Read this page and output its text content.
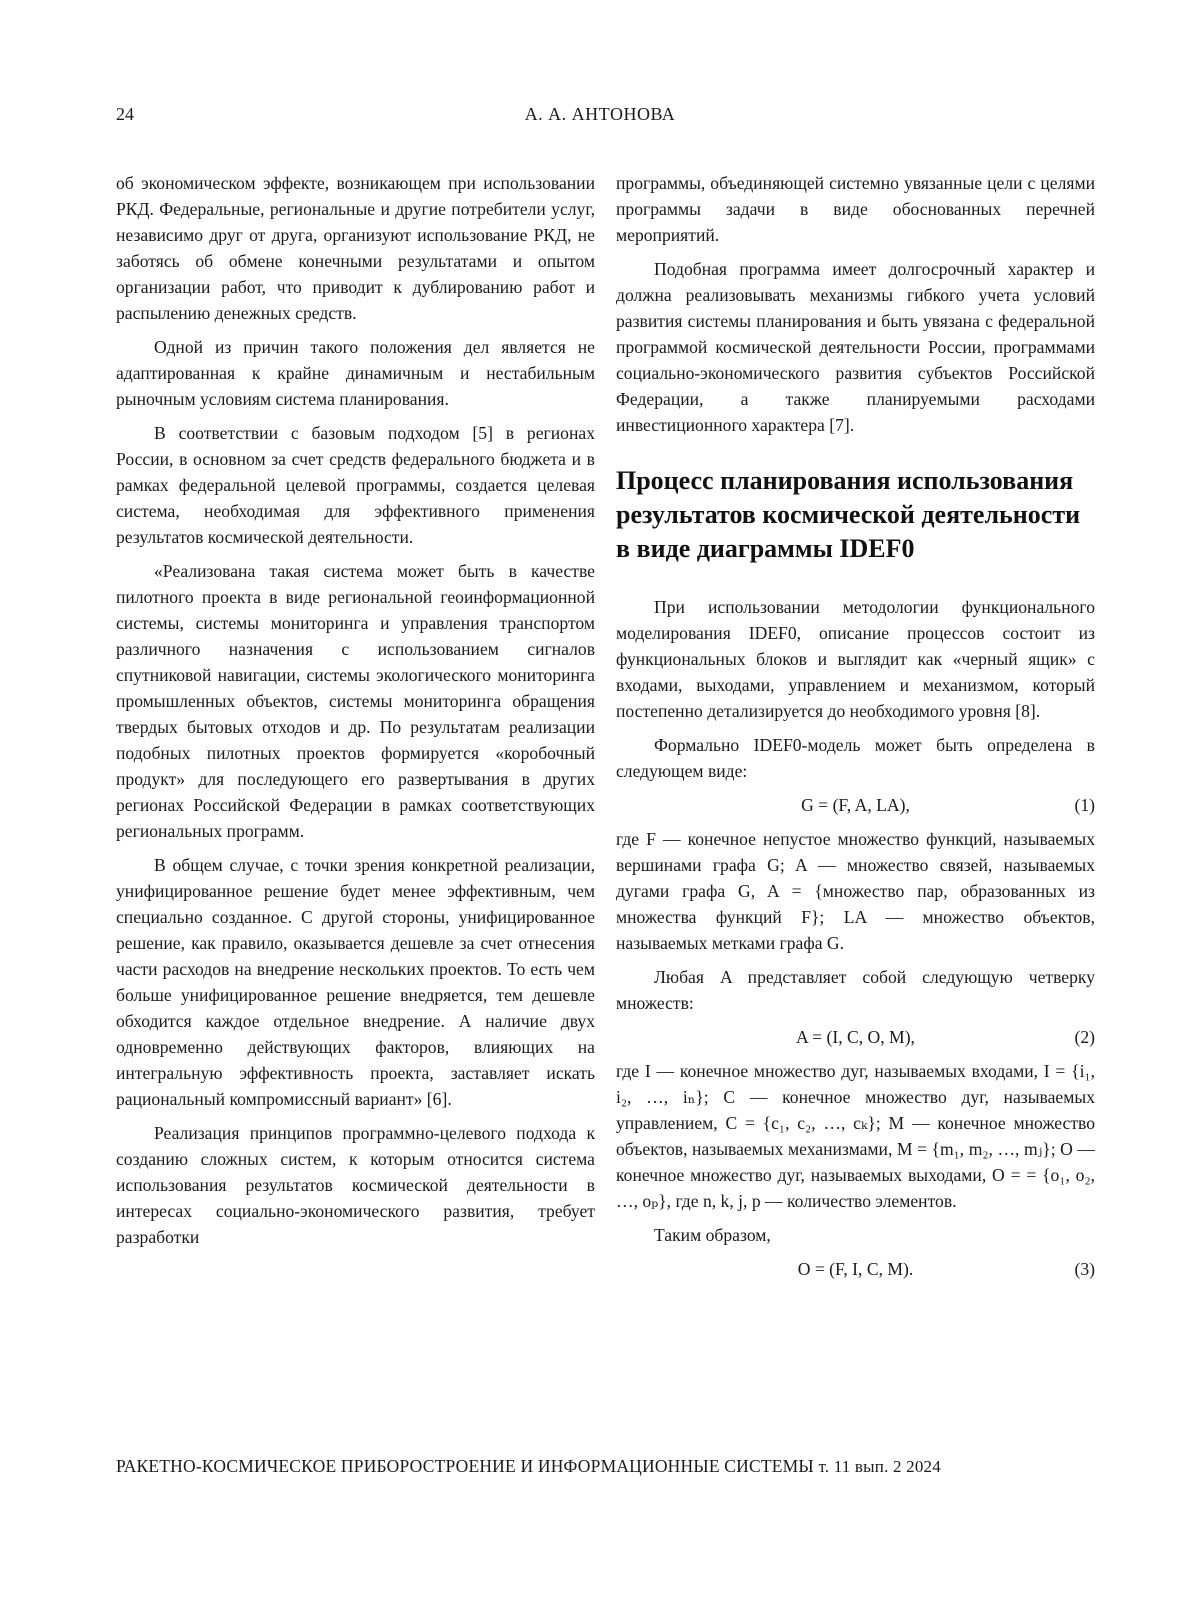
24	А. А. АНТОНОВА

об экономическом эффекте, возникающем при использовании РКД. Федеральные, региональные и другие потребители услуг, независимо друг от друга, организуют использование РКД, не заботясь об обмене конечными результатами и опытом организации работ, что приводит к дублированию работ и распылению денежных средств.

Одной из причин такого положения дел является не адаптированная к крайне динамичным и нестабильным рыночным условиям система планирования.

В соответствии с базовым подходом [5] в регионах России, в основном за счет средств федерального бюджета и в рамках федеральной целевой программы, создается целевая система, необходимая для эффективного применения результатов космической деятельности.

«Реализована такая система может быть в качестве пилотного проекта в виде региональной геоинформационной системы, системы мониторинга и управления транспортом различного назначения с использованием сигналов спутниковой навигации, системы экологического мониторинга промышленных объектов, системы мониторинга обращения твердых бытовых отходов и др. По результатам реализации подобных пилотных проектов формируется «коробочный продукт» для последующего его развертывания в других регионах Российской Федерации в рамках соответствующих региональных программ.

В общем случае, с точки зрения конкретной реализации, унифицированное решение будет менее эффективным, чем специально созданное. С другой стороны, унифицированное решение, как правило, оказывается дешевле за счет отнесения части расходов на внедрение нескольких проектов. То есть чем больше унифицированное решение внедряется, тем дешевле обходится каждое отдельное внедрение. А наличие двух одновременно действующих факторов, влияющих на интегральную эффективность проекта, заставляет искать рациональный компромиссный вариант» [6].

Реализация принципов программно-целевого подхода к созданию сложных систем, к которым относится система использования результатов космической деятельности в интересах социально-экономического развития, требует разработки

программы, объединяющей системно увязанные цели с целями программы задачи в виде обоснованных перечней мероприятий.

Подобная программа имеет долгосрочный характер и должна реализовывать механизмы гибкого учета условий развития системы планирования и быть увязана с федеральной программой космической деятельности России, программами социально-экономического развития субъектов Российской Федерации, а также планируемыми расходами инвестиционного характера [7].

Процесс планирования использования результатов космической деятельности в виде диаграммы IDEF0

При использовании методологии функционального моделирования IDEF0, описание процессов состоит из функциональных блоков и выглядит как «черный ящик» с входами, выходами, управлением и механизмом, который постепенно детализируется до необходимого уровня [8].

Формально IDEF0-модель может быть определена в следующем виде:

G = (F, A, LA),	(1)

где F — конечное непустое множество функций, называемых вершинами графа G; A — множество связей, называемых дугами графа G, A = {множество пар, образованных из множества функций F}; LA — множество объектов, называемых метками графа G.

Любая A представляет собой следующую четверку множеств:

A = (I, C, O, M),	(2)

где I — конечное множество дуг, называемых входами, I = {i₁, i₂, …, iₙ}; C — конечное множество дуг, называемых управлением, C = {c₁, c₂, …, cₖ}; M — конечное множество объектов, называемых механизмами, M = {m₁, m₂, …, mⱼ}; O — конечное множество дуг, называемых выходами, O = = {o₁, o₂, …, oₚ}, где n, k, j, p — количество элементов.

Таким образом,

O = (F, I, C, M).	(3)
РАКЕТНО-КОСМИЧЕСКОЕ ПРИБОРОСТРОЕНИЕ И ИНФОРМАЦИОННЫЕ СИСТЕМЫ т. 11 вып. 2 2024
